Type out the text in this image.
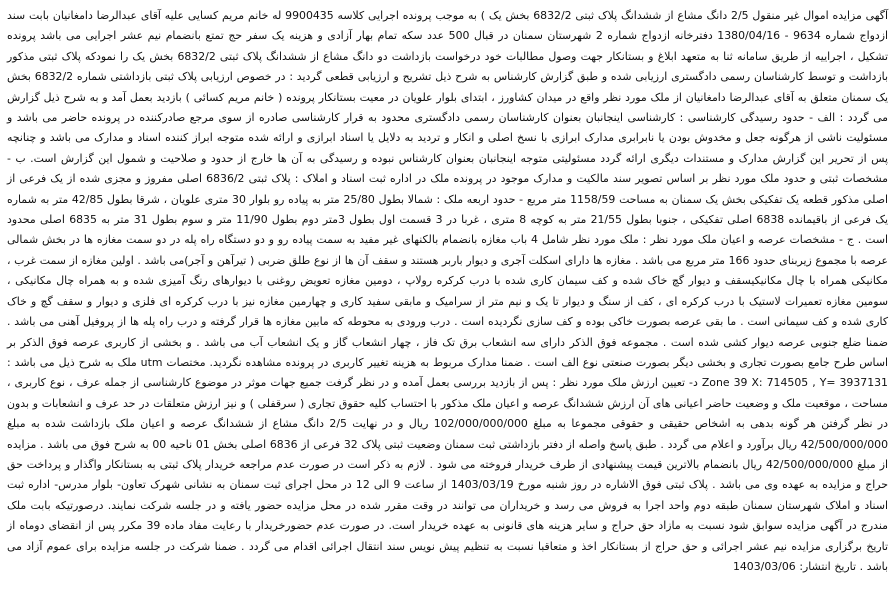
آگهی مزایده اموال غیر منقول 2/5 دانگ مشاع از ششدانگ پلاک ثبتی 6832/2 بخش یک ) به موجب پرونده اجرایی کلاسه 9900435 له خانم مریم کسایی علیه آقای عبدالرضا دامغانیان بابت سند ازدواج شماره 9634 - 1380/04/16 دفترخانه ازدواج شماره 2 شهرستان سمنان در قبال 500 عدد سکه تمام بهار آزادی و هزینه یک سفر حج تمتع بانضمام نیم عشر اجرایی می باشد پرونده تشکیل ، اجراییه از طریق سامانه ثنا به متعهد ابلاغ و بستانکار جهت وصول مطالبات خود درخواست بازداشت دو دانگ مشاع از ششدانگ پلاک ثبتی 6832/2 بخش یک را نمودکه پلاک ثبتی مذکور بازداشت و توسط کارشناسان رسمی دادگستری ارزیابی شده و طبق گزارش کارشناس به شرح ذیل تشریح و ارزیابی قطعی گردید : در خصوص ارزیابی پلاک ثبتی بازداشتی شماره 6832/2 بخش یک سمنان متعلق به آقای عبدالرضا دامغانیان از ملک مورد نظر واقع در میدان کشاورز ، ابتدای بلوار علویان در معیت بستانکار پرونده ( خانم مریم کسائی ) بازدید بعمل آمد و به شرح ذیل گزارش می گردد : الف - حدود رسیدگی کارشناسی : کارشناسی اینجانبان بعنوان کارشناسان رسمی دادگستری محدود به قرار کارشناسی صادره از سوی مرجع صادرکننده در پرونده حاضر می باشد و مسئولیت ناشی از هرگونه جعل و مخدوش بودن یا نابرابری مدارک ابرازی با نسخ اصلی و انکار و تردید به دلایل یا اسناد ابرازی و ارائه شده متوجه ابراز کننده اسناد و مدارک می باشد و چنانچه پس از تحریر این گزارش مدارک و مستندات دیگری ارائه گردد مسئولیتی متوجه اینجانبان بعنوان کارشناس نبوده و رسیدگی به آن ها خارج از حدود و صلاحیت و شمول این گزارش است. ب - مشخصات ثبتی و حدود ملک مورد نظر بر اساس تصویر سند مالکیت و مدارک موجود در پرونده ملک در اداره ثبت اسناد و املاک : پلاک ثبتی 6836/2 اصلی مفروز و مجزی شده از یک فرعی از اصلی مذکور قطعه یک تفکیکی بخش یک سمنان به مساحت 1158/59 متر مربع - حدود اربعه ملک : شمالا بطول 25/80 متر به پیاده رو بلوار 30 متری علویان ، شرقا بطول 42/85 متر به شماره یک فرعی از باقیمانده 6838 اصلی تفکیکی ، جنوبا بطول 21/55 متر به کوچه 8 متری ، غربا در 3 قسمت اول بطول 3متر دوم بطول 11/90 متر و سوم بطول 31 متر به 6835 اصلی محدود است . ج - مشخصات عرصه و اعیان ملک مورد نظر : ملک مورد نظر شامل 4 باب مغازه بانضمام بالکنهای غیر مفید به سمت پیاده رو و دو دستگاه راه پله در دو سمت مغازه ها در بخش شمالی عرصه با مجموع زیربنای حدود 166 متر مربع می باشد . مغازه ها دارای اسکلت آجری و دیوار باربر هستند و سقف آن ها از نوع طلق ضربی ( تیرآهن و آجر)می باشد . اولین مغازه از سمت غرب ، مکانیکی همراه با چال مکانیکیسقف و دیوار گچ خاک شده و کف سیمان کاری شده با درب کرکره رولاپ ، دومین مغازه تعویض روغنی با دیوارهای رنگ آمیزی شده و به همراه چال مکانیکی ، سومین مغازه تعمیرات لاستیک با درب کرکره ای ، کف از سنگ و دیوار تا یک و نیم متر از سرامیک و مابقی سفید کاری و چهارمین مغازه نیز با درب کرکره ای فلزی و دیوار و سقف گچ و خاک کاری شده و کف سیمانی است . ما بقی عرصه بصورت خاکی بوده و کف سازی نگردیده است . درب ورودی به محوطه که مابین مغازه ها قرار گرفته و درب راه پله ها از پروفیل آهنی می باشد . ضمنا ضلع جنوبی عرصه دیوار کشی شده است . مجموعه فوق الذکر دارای سه انشعاب برق تک فاز ، چهار انشعاب گاز و یک انشعاب آب می باشد . و بخشی از کاربری عرصه فوق الذکر بر اساس طرح جامع بصورت تجاری و بخشی دیگر بصورت صنعتی نوع الف است . ضمنا مدارک مربوط به هزینه تغییر کاربری در پرونده مشاهده نگردید. مختصات utm ملک به شرح ذیل می باشد : Zone 39 X: 714505 , Y= 3937131 د- تعیین ارزش ملک مورد نظر : پس از بازدید بررسی بعمل آمده و در نظر گرفت جمیع جهات موثر در موضوع کارشناسی از جمله عرف ، نوع کاربری ، مساحت ، موقعیت ملک و وضعیت حاضر اعیانی های آن ارزش ششدانگ عرصه و اعیان ملک مذکور با احتساب کلیه حقوق تجاری ( سرقفلی ) و نیز ارزش متعلقات در حد عرف و انشعابات و بدون در نظر گرفتن هر گونه بدهی به اشخاص حقیقی و حقوقی مجموعا به مبلغ 102/000/000/000 ریال و در نهایت 2/5 دانگ مشاع از ششدانگ عرصه و اعیان ملک بازداشت شده به مبلغ 42/500/000/000 ریال برآورد و اعلام می گردد . طبق پاسخ واصله از دفتر بازداشتی ثبت سمنان وضعیت ثبتی پلاک 32 فرعی از 6836 اصلی بخش 01 ناحیه 00 به شرح فوق می باشد . مزایده از مبلغ 42/500/000/000 ریال بانضمام بالاترین قیمت پیشنهادی از طرف خریدار فروخته می شود . لازم به ذکر است در صورت عدم مراجعه خریدار پلاک ثبتی به بستانکار واگذار و پرداخت حق حراج و مزایده به عهده وی می باشد . پلاک ثبتی فوق الاشاره در روز شنبه مورخ 1403/03/19 از ساعت 9 الی 12 در محل اجرای ثبت سمنان به نشانی شهرک تعاون- بلوار مدرس- اداره ثبت اسناد و املاک شهرستان سمنان طبقه دوم واحد اجرا به فروش می رسد و خریداران می توانند در وقت مقرر شده در محل مزایده حضور یافته و در جلسه شرکت نمایند. درصورتیکه بابت ملک مندرج در آگهی مزایده سوابق شود نسبت به مازاد حق حراج و سایر هزینه های قانونی به عهده خریدار است. در صورت عدم حضورخریدار با رعایت مفاد ماده 39 مکرر پس از انقضای دوماه از تاریخ برگزاری مزایده نیم عشر اجرائی و حق حراج از بستانکار اخذ و متعاقبا نسبت به تنظیم پیش نویس سند انتقال اجرائی اقدام می گردد . ضمنا شرکت در جلسه مزایده برای عموم آزاد می باشد . تاریخ انتشار: 1403/03/06
